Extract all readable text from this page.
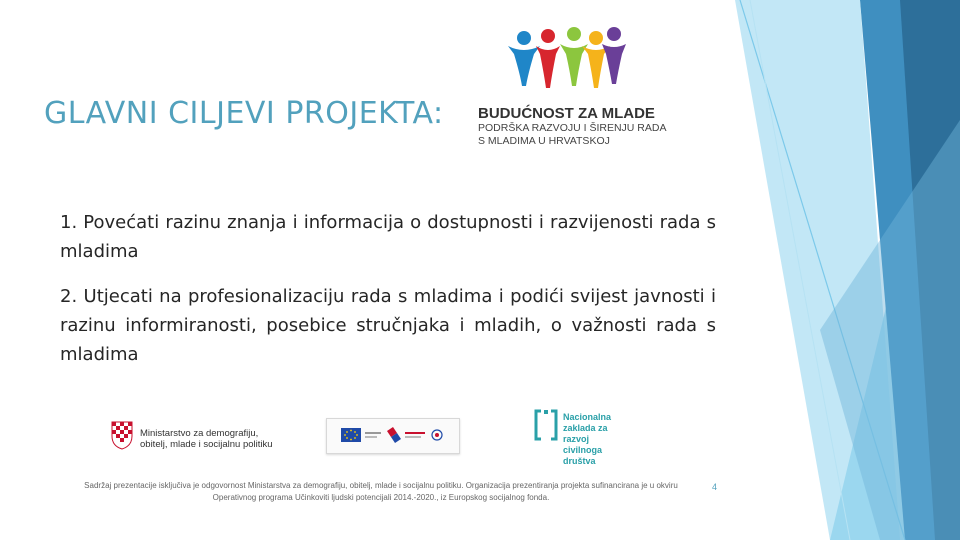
GLAVNI CILJEVI PROJEKTA: BUDUĆNOST ZA MLADE
PODRŠKA RAZVOJU I ŠIRENJU RADA
S MLADIMA U HRVATSKOJ
1. Povećati razinu znanja i informacija o dostupnosti i razvijenosti rada s mladima
2. Utjecati na profesionalizaciju rada s mladima i podići svijest javnosti i razinu informiranosti, posebice stručnjaka i mladih, o važnosti rada s mladima
Ministarstvo za demografiju,
obitelj, mlade i socijalnu politiku
Nacionalna
zaklada za
razvoj
civilnoga
društva
Sadržaj prezentacije isključiva je odgovornost Ministarstva za demografiju, obitelj, mlade i socijalnu politiku. Organizacija prezentiranja projekta sufinancirana je u okviru Operativnog programa Učinkoviti ljudski potencijali 2014.-2020., iz Europskog socijalnog fonda.
4
